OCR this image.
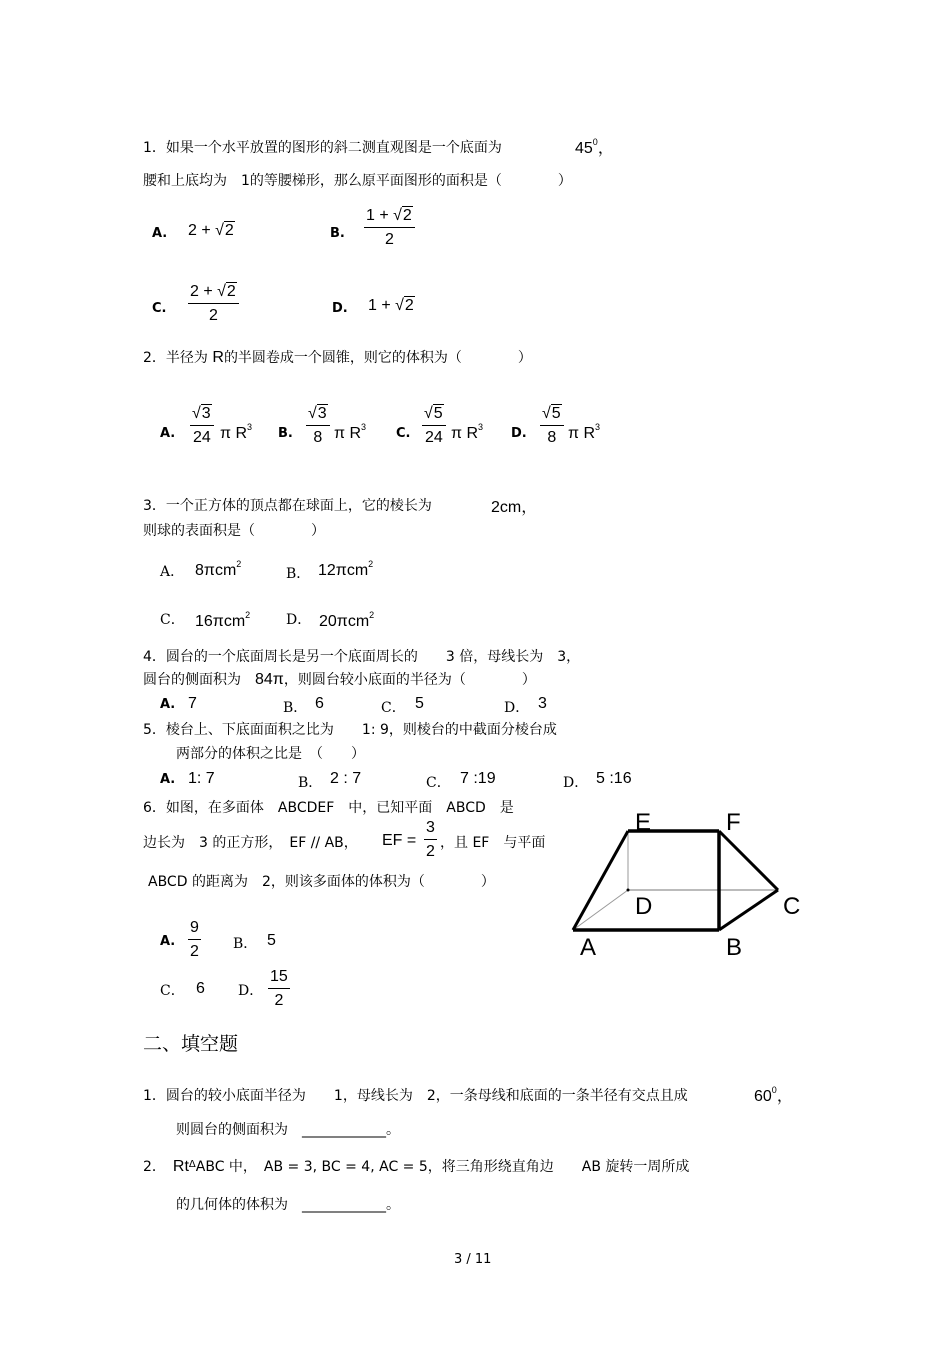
1．如果一个水平放置的图形的斜二测直观图是一个底面为	$45^0$，
腰和上底均为　1的等腰梯形，那么原平面图形的面积是（　　　　）
A. 2 + √2	B. $\frac{1 + √2}{2}$
C. $\frac{2 + √2}{2}$	D. 1 + √2
2．半径为 R的半圆卷成一个圆锥，则它的体积为（　　　　）
A. $\frac{√3}{24}$ π $R^3$ B. $\frac{√3}{8}$ π $R^3$ C. $\frac{√5}{24}$ π $R^3$ D. $\frac{√5}{8}$ π $R^3$
3．一个正方体的顶点都在球面上，它的棱长为	2cm，
则球的表面积是（　　　　）
A． 8πcm$^2$
B． 12πcm$^2$
C． 16πcm$^2$	D． 20πcm$^2$
4．圆台的一个底面周长是另一个底面周长的　　3 倍，母线长为　3，
圆台的侧面积为　 84π，则圆台较小底面的半径为（　　　　）
A. 7	B． 6	C． 5	D． 3
5．棱台上、下底面面积之比为　　1: 9，则棱台的中截面分棱台成
两部分的体积之比是　（　　）
A. 1: 7	B． 2 : 7	C． 7 :19	D． 5 :16
6．如图，在多面体　ABCDEF　中，已知平面　ABCD　是
边长为　3 的正方形，　EF // AB， EF = $\frac{3}{2}$ ，且 EF　与平面
ABCD 的距离为　2，则该多面体的体积为（　　　　）
A. $\frac{9}{2}$ B． 5
C． 6 D． $\frac{15}{2}$
E	F
D	C
A	B
二、填空题
1．圆台的较小底面半径为　　1，母线长为　2，一条母线和底面的一条半径有交点且成	$60^0$，
则圆台的侧面积为　____________。
2．　 $Rt^\Delta ABC$ 中，　AB = 3, BC = 4, AC = 5，将三角形绕直角边　　AB 旋转一周所成
的几何体的体积为　____________。
3 / 11
